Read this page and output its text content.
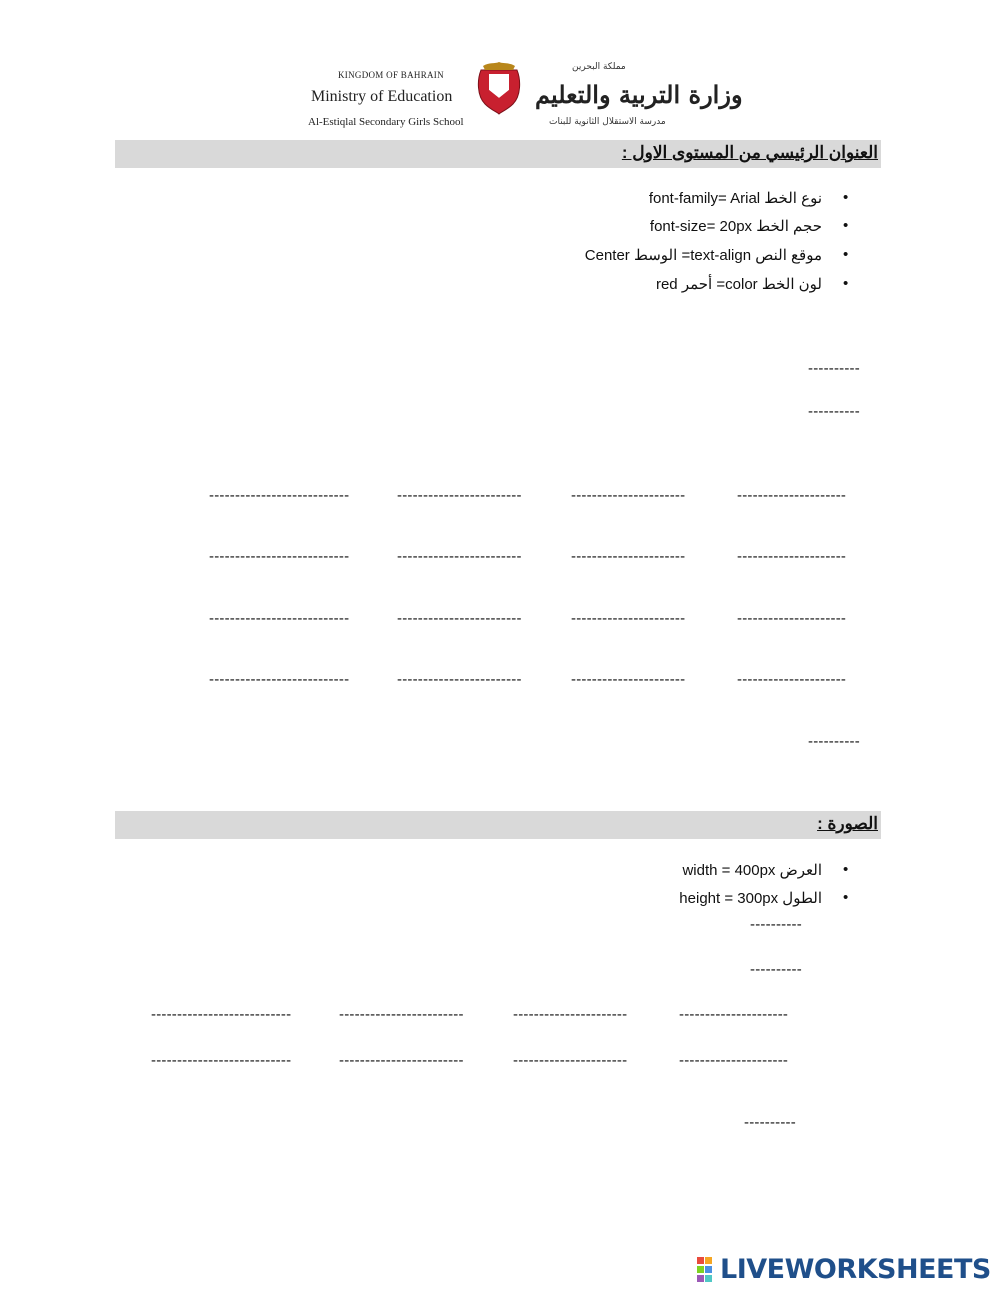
KINGDOM OF BAHRAIN
Ministry of Education
Al-Estiqlal Secondary Girls School
مملكة البحرين
وزارة التربية والتعليم
مدرسة الاستقلال الثانوية للبنات
العنوان الرئيسي من المستوى الاول :
•
نوع الخط font-family= Arial
•
حجم الخط font-size= 20px
•
موقع النص text-align= الوسط Center
•
لون الخط color= أحمر red
----------
----------
---------------------------	------------------------	----------------------	---------------------
---------------------------	------------------------	----------------------	---------------------
---------------------------	------------------------	----------------------	---------------------
---------------------------	------------------------	----------------------	---------------------
----------
الصورة :
•
العرض width = 400px
•
الطول height = 300px
----------
----------
---------------------------	------------------------	----------------------	---------------------
---------------------------	------------------------	----------------------	---------------------
----------
LIVEWORKSHEETS
